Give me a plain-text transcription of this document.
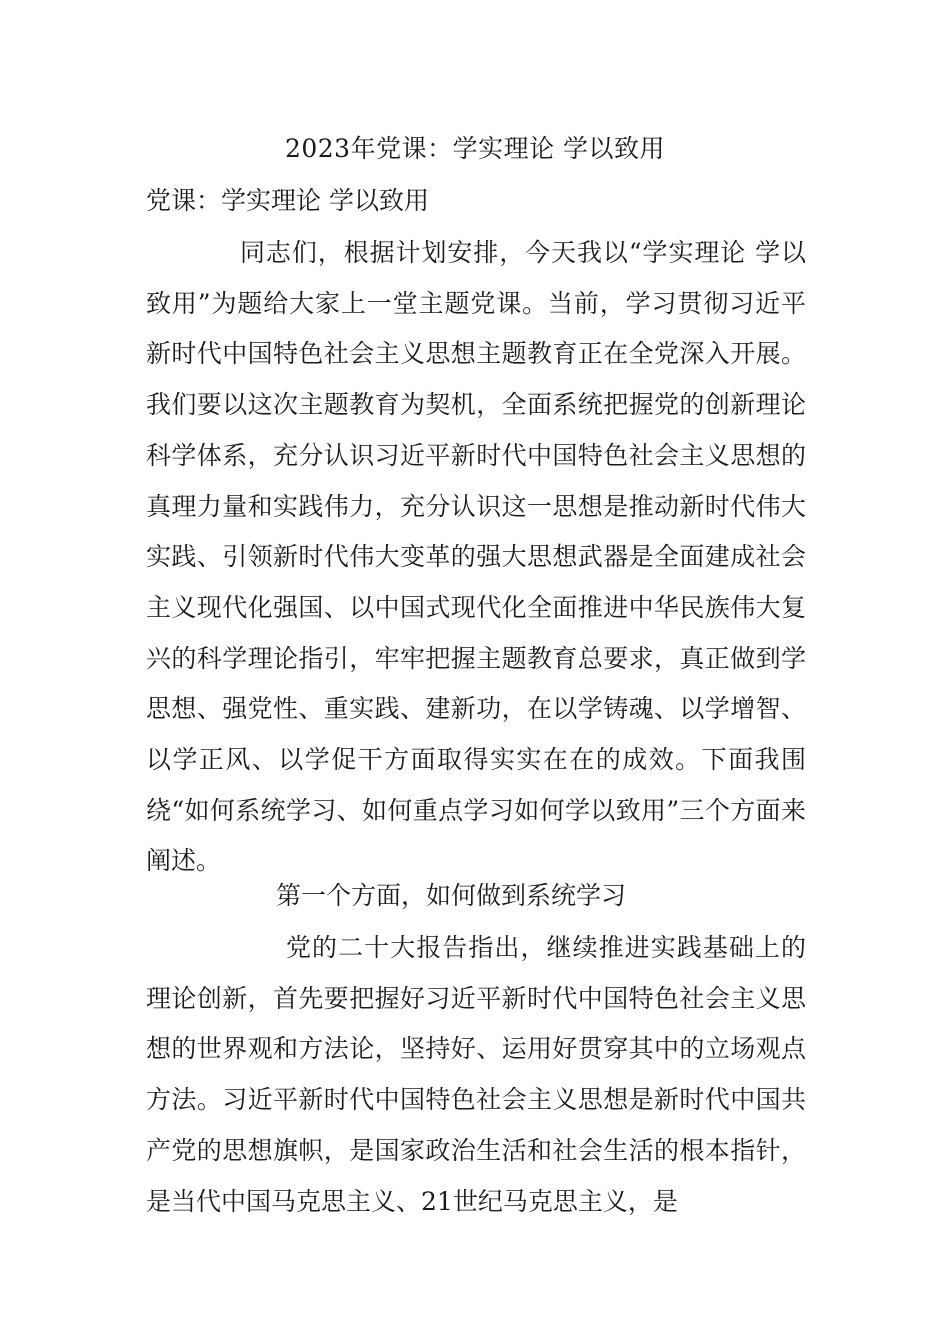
2023年党课：学实理论 学以致用
党课：学实理论 学以致用

同志们，根据计划安排，今天我以“学实理论 学以致用”为题给大家上一堂主题党课。当前，学习贯彻习近平新时代中国特色社会主义思想主题教育正在全党深入开展。我们要以这次主题教育为契机，全面系统把握党的创新理论科学体系，充分认识习近平新时代中国特色社会主义思想的真理力量和实践伟力，充分认识这一思想是推动新时代伟大实践、引领新时代伟大变革的强大思想武器是全面建成社会主义现代化强国、以中国式现代化全面推进中华民族伟大复兴的科学理论指引，牢牢把握主题教育总要求，真正做到学思想、强党性、重实践、建新功，在以学铸魂、以学增智、以学正风、以学促干方面取得实实在在的成效。下面我围绕“如何系统学习、如何重点学习如何学以致用”三个方面来阐述。

第一个方面，如何做到系统学习

党的二十大报告指出，继续推进实践基础上的理论创新，首先要把握好习近平新时代中国特色社会主义思想的世界观和方法论，坚持好、运用好贯穿其中的立场观点方法。习近平新时代中国特色社会主义思想是新时代中国共产党的思想旗帜，是国家政治生活和社会生活的根本指针，是当代中国马克思主义、21世纪马克思主义，是
